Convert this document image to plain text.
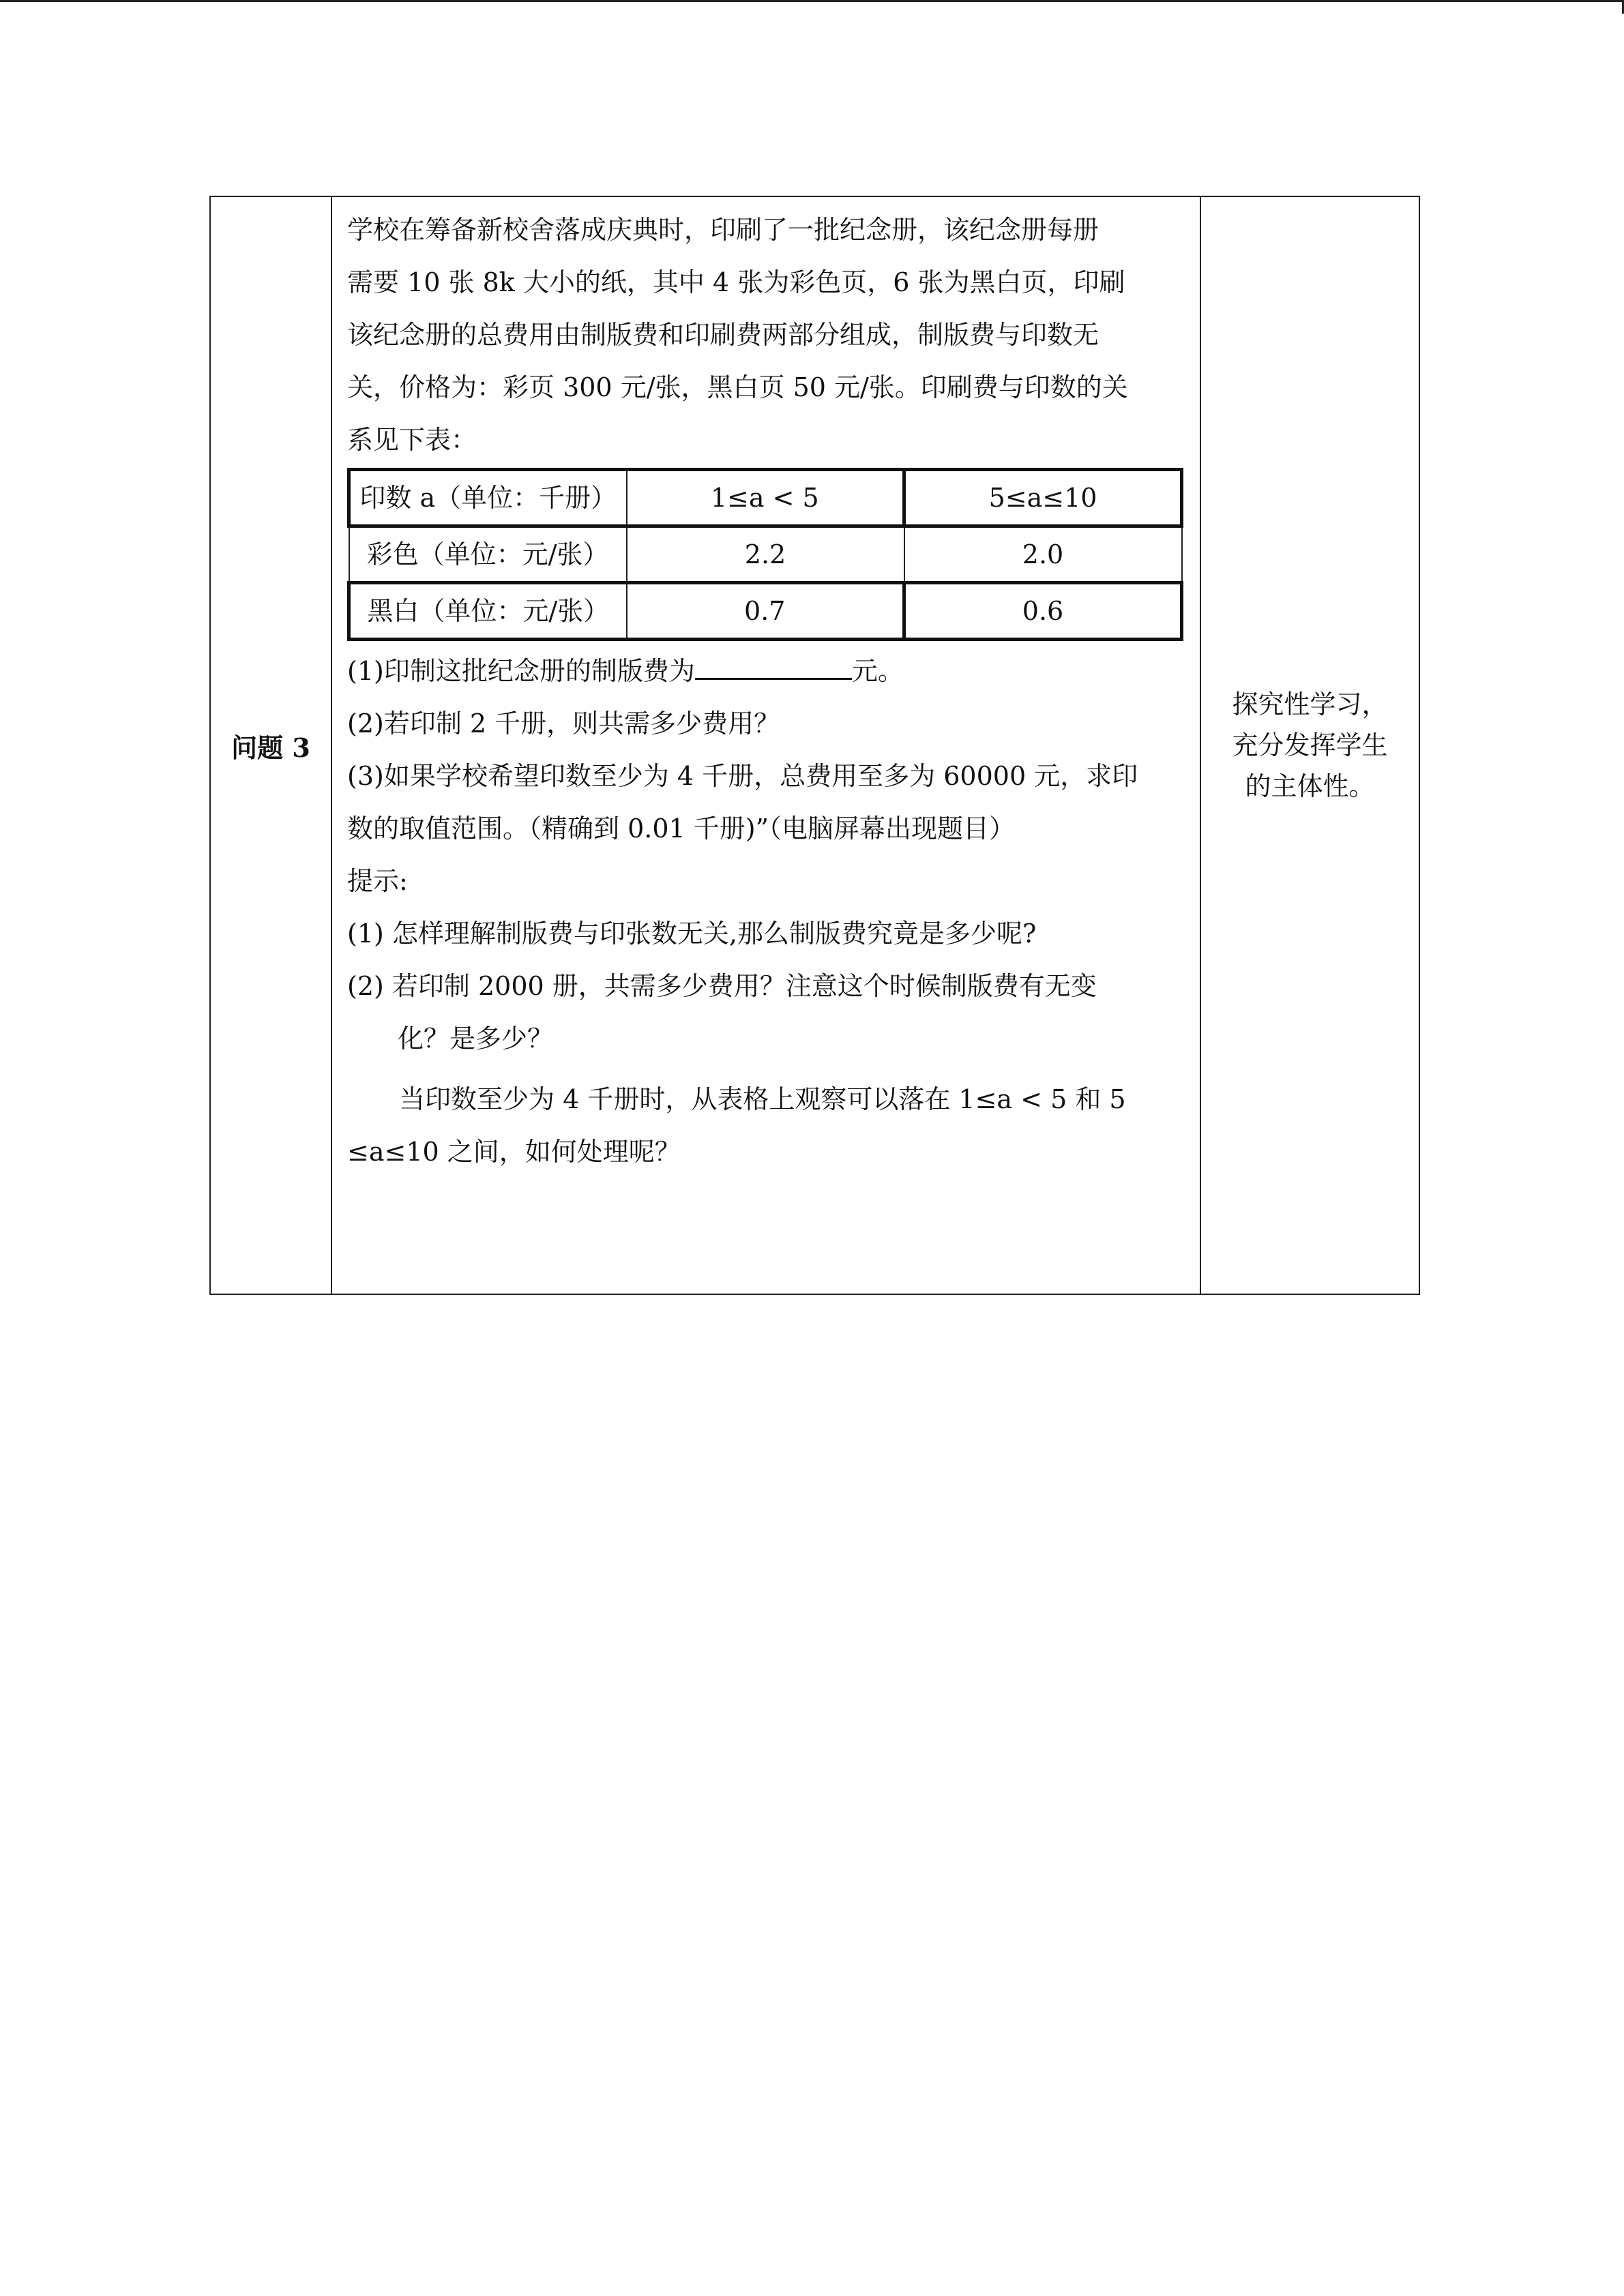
问题 3	

学校在筹备新校舍落成庆典时，印刷了一批纪念册，该纪念册每册

需要 10 张 8k 大小的纸，其中 4 张为彩色页，6 张为黑白页，印刷

该纪念册的总费用由制版费和印刷费两部分组成，制版费与印数无

关，价格为：彩页 300 元/张，黑白页 50 元/张。印刷费与印数的关

系见下表：

印数 a（单位：千册）	1≤a < 5	5≤a≤10
彩色（单位：元/张）	2.2	2.0
黑白（单位：元/张）	0.7	0.6

(1)印制这批纪念册的制版费为	元。

(2)若印制 2 千册，则共需多少费用？

(3)如果学校希望印数至少为 4 千册，总费用至多为 60000 元，求印

数的取值范围。（精确到 0.01 千册)”（电脑屏幕出现题目）

提示:

(1) 怎样理解制版费与印张数无关,那么制版费究竟是多少呢?

(2) 若印制 2000 册，共需多少费用？注意这个时候制版费有无变

化？是多少？

当印数至少为 4 千册时，从表格上观察可以落在 1≤a < 5 和 5

≤a≤10 之间，如何处理呢？

探究性学习，
充分发挥学生
的主体性。
